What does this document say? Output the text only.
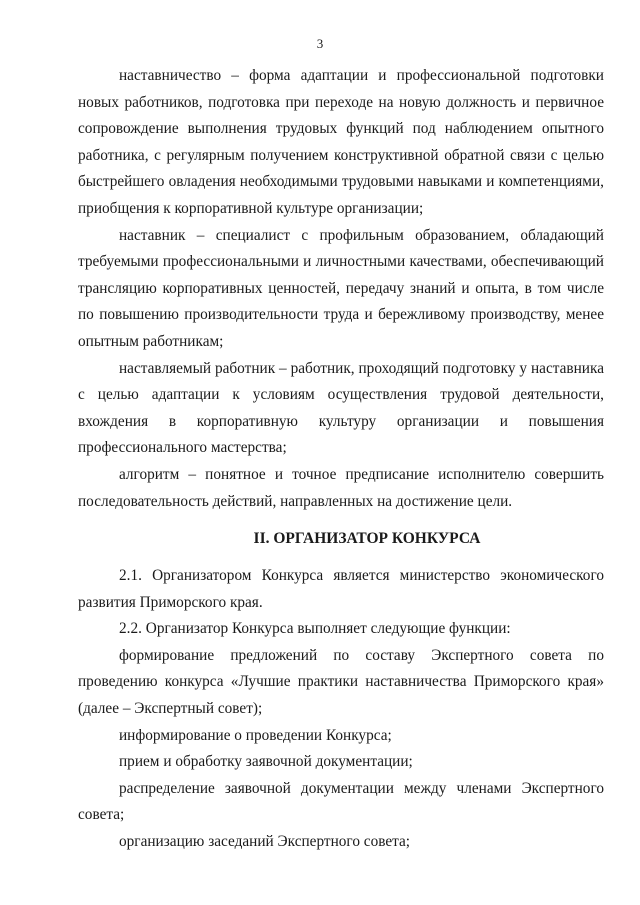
3

наставничество – форма адаптации и профессиональной подготовки новых работников, подготовка при переходе на новую должность и первичное сопровождение выполнения трудовых функций под наблюдением опытного работника, с регулярным получением конструктивной обратной связи с целью быстрейшего овладения необходимыми трудовыми навыками и компетенциями, приобщения к корпоративной культуре организации;

наставник – специалист с профильным образованием, обладающий требуемыми профессиональными и личностными качествами, обеспечивающий трансляцию корпоративных ценностей, передачу знаний и опыта, в том числе по повышению производительности труда и бережливому производству, менее опытным работникам;

наставляемый работник – работник, проходящий подготовку у наставника с целью адаптации к условиям осуществления трудовой деятельности, вхождения в корпоративную культуру организации и повышения профессионального мастерства;

алгоритм – понятное и точное предписание исполнителю совершить последовательность действий, направленных на достижение цели.

II. ОРГАНИЗАТОР КОНКУРСА

2.1. Организатором Конкурса является министерство экономического развития Приморского края.

2.2. Организатор Конкурса выполняет следующие функции:

формирование предложений по составу Экспертного совета по проведению конкурса «Лучшие практики наставничества Приморского края» (далее – Экспертный совет);

информирование о проведении Конкурса;

прием и обработку заявочной документации;

распределение заявочной документации между членами Экспертного совета;

организацию заседаний Экспертного совета;
